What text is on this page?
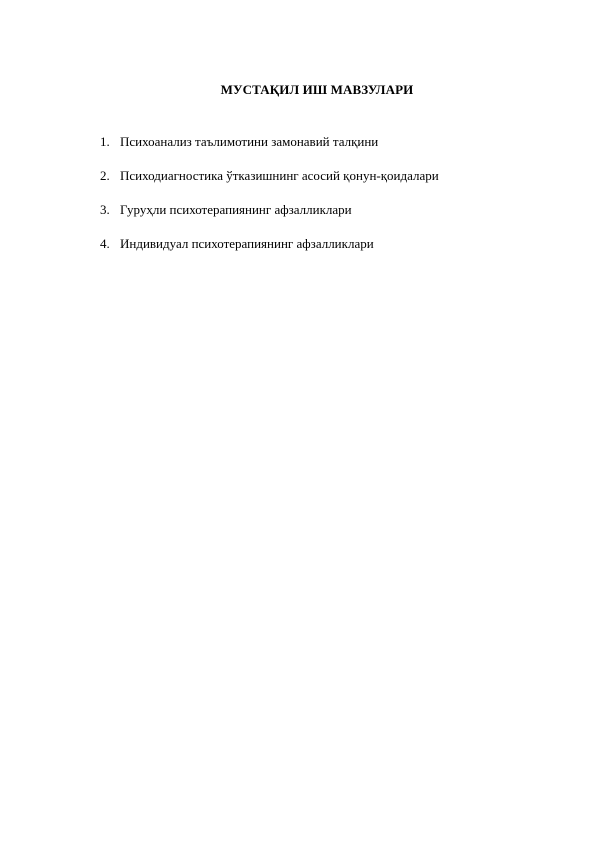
МУСТАҚИЛ ИШ МАВЗУЛАРИ
1. Психоанализ таълимотини замонавий талқини
2. Психодиагностика ўтказишнинг асосий қонун-қоидалари
3. Гуруҳли психотерапиянинг афзалликлари
4. Индивидуал психотерапиянинг афзалликлари
